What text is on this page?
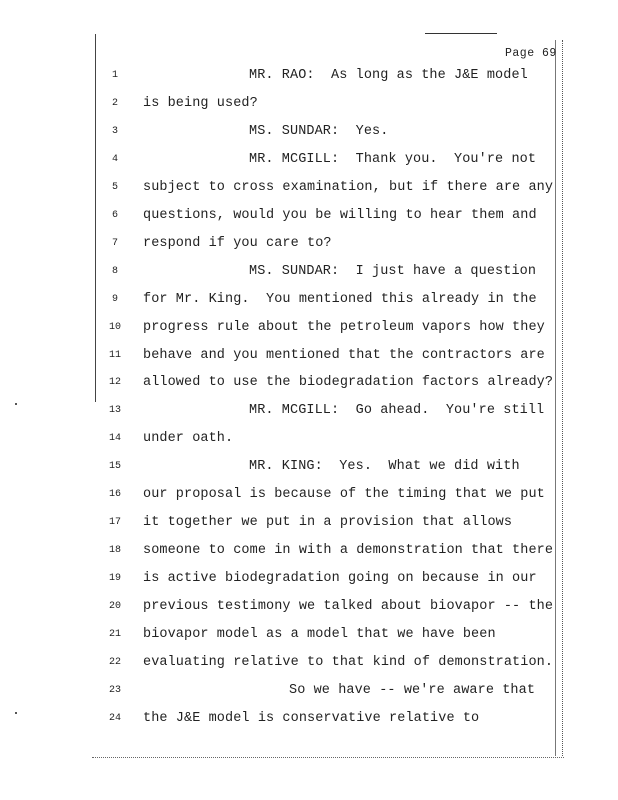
Page 69
1	MR. RAO:  As long as the J&E model
2	is being used?
3	MS. SUNDAR:  Yes.
4	MR. MCGILL:  Thank you.  You're not
5	subject to cross examination, but if there are any
6	questions, would you be willing to hear them and
7	respond if you care to?
8	MS. SUNDAR:  I just have a question
9	for Mr. King.  You mentioned this already in the
10	progress rule about the petroleum vapors how they
11	behave and you mentioned that the contractors are
12	allowed to use the biodegradation factors already?
13	MR. MCGILL:  Go ahead.  You're still
14	under oath.
15	MR. KING:  Yes.  What we did with
16	our proposal is because of the timing that we put
17	it together we put in a provision that allows
18	someone to come in with a demonstration that there
19	is active biodegradation going on because in our
20	previous testimony we talked about biovapor -- the
21	biovapor model as a model that we have been
22	evaluating relative to that kind of demonstration.
23	So we have -- we're aware that
24	the J&E model is conservative relative to
